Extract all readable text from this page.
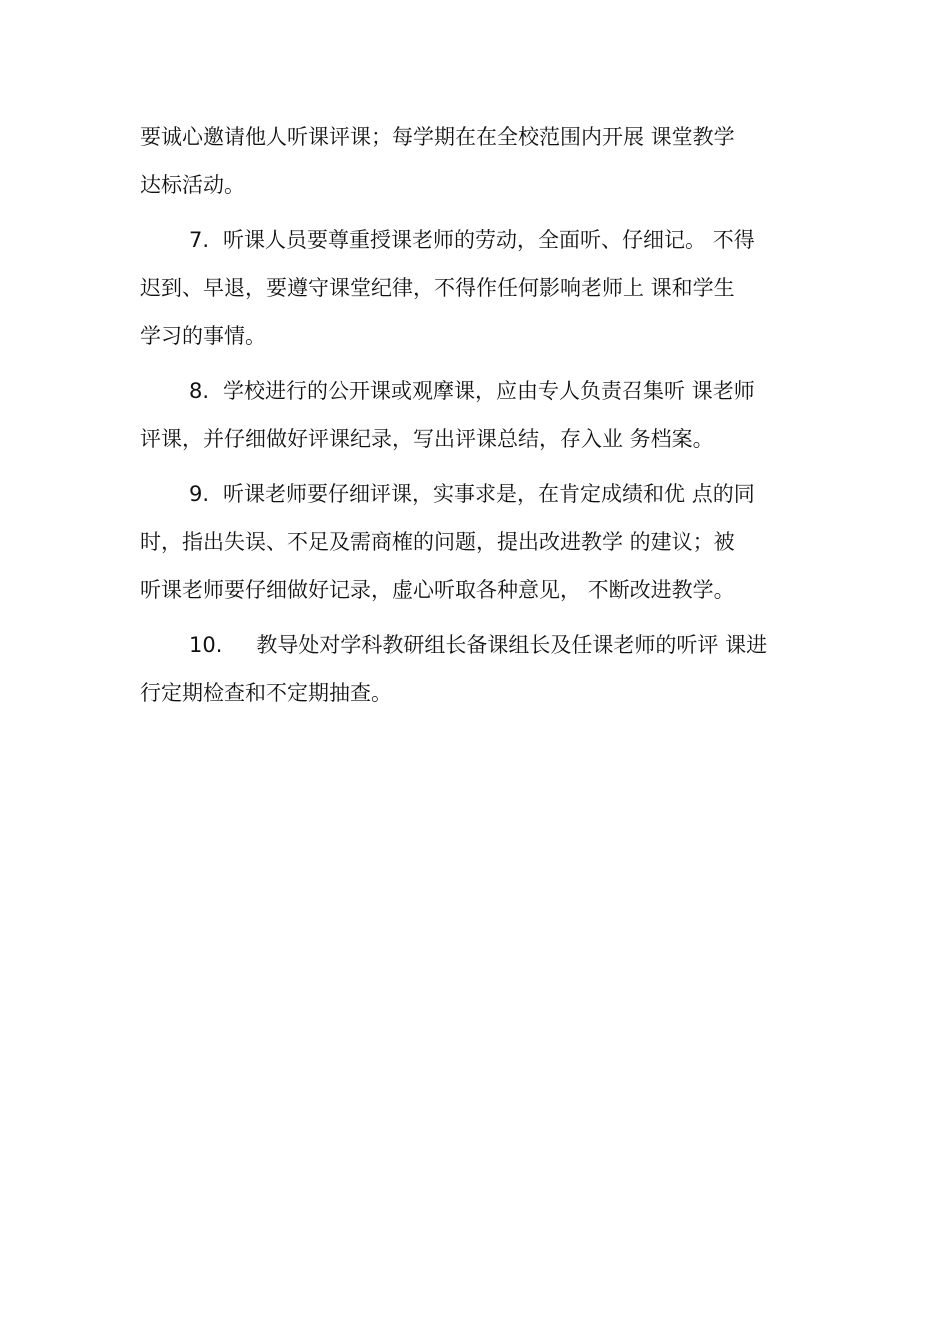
要诚心邀请他人听课评课；每学期在在全校范围内开展 课堂教学
达标活动。
7. 听课人员要尊重授课老师的劳动，全面听、仔细记。 不得
迟到、早退，要遵守课堂纪律，不得作任何影响老师上 课和学生
学习的事情。
8. 学校进行的公开课或观摩课，应由专人负责召集听 课老师
评课，并仔细做好评课纪录，写出评课总结，存入业 务档案。
9. 听课老师要仔细评课，实事求是，在肯定成绩和优 点的同
时，指出失误、不足及需商榷的问题，提出改进教学 的建议；被
听课老师要仔细做好记录，虚心听取各种意见， 不断改进教学。
10. 教导处对学科教研组长备课组长及任课老师的听评 课进
行定期检查和不定期抽查。
